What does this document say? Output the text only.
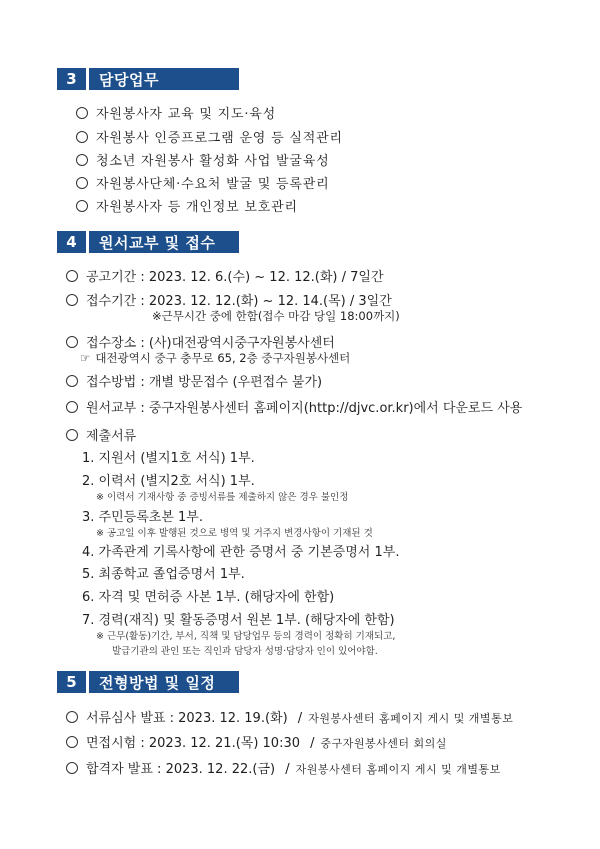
3	담당업무
자원봉사자 교육 및 지도·육성
자원봉사 인증프로그램 운영 등 실적관리
청소년 자원봉사 활성화 사업 발굴육성
자원봉사단체·수요처 발굴 및 등록관리
자원봉사자 등 개인정보 보호관리
4	원서교부 및 접수
공고기간 : 2023. 12. 6.(수) ~ 12. 12.(화) / 7일간
접수기간 : 2023. 12. 12.(화) ~ 12. 14.(목) / 3일간
※근무시간 중에 한함(접수 마감 당일 18:00까지)
접수장소 : (사)대전광역시중구자원봉사센터
☞ 대전광역시 중구 충무로 65, 2층 중구자원봉사센터
접수방법 : 개별 방문접수 (우편접수 불가)
원서교부 : 중구자원봉사센터 홈페이지(http://djvc.or.kr)에서 다운로드 사용
제출서류
1. 지원서 (별지1호 서식) 1부.
2. 이력서 (별지2호 서식) 1부.
※ 이력서 기재사항 중 증빙서류를 제출하지 않은 경우 불인정
3. 주민등록초본 1부.
※ 공고일 이후 발행된 것으로 병역 및 거주지 변경사항이 기재된 것
4. 가족관계 기록사항에 관한 증명서 중 기본증명서 1부.
5. 최종학교 졸업증명서 1부.
6. 자격 및 면허증 사본 1부. (해당자에 한함)
7. 경력(재직) 및 활동증명서 원본 1부. (해당자에 한함)
※ 근무(활동)기간, 부서, 직책 및 담당업무 등의 경력이 정확히 기재되고,
발급기관의 관인 또는 직인과 담당자 성명·담당자 인이 있어야함.
5	전형방법 및 일정
서류심사 발표 : 2023. 12. 19.(화) / 자원봉사센터 홈페이지 게시 및 개별통보
면접시험 : 2023. 12. 21.(목) 10:30 / 중구자원봉사센터 회의실
합격자 발표 : 2023. 12. 22.(금) / 자원봉사센터 홈페이지 게시 및 개별통보
